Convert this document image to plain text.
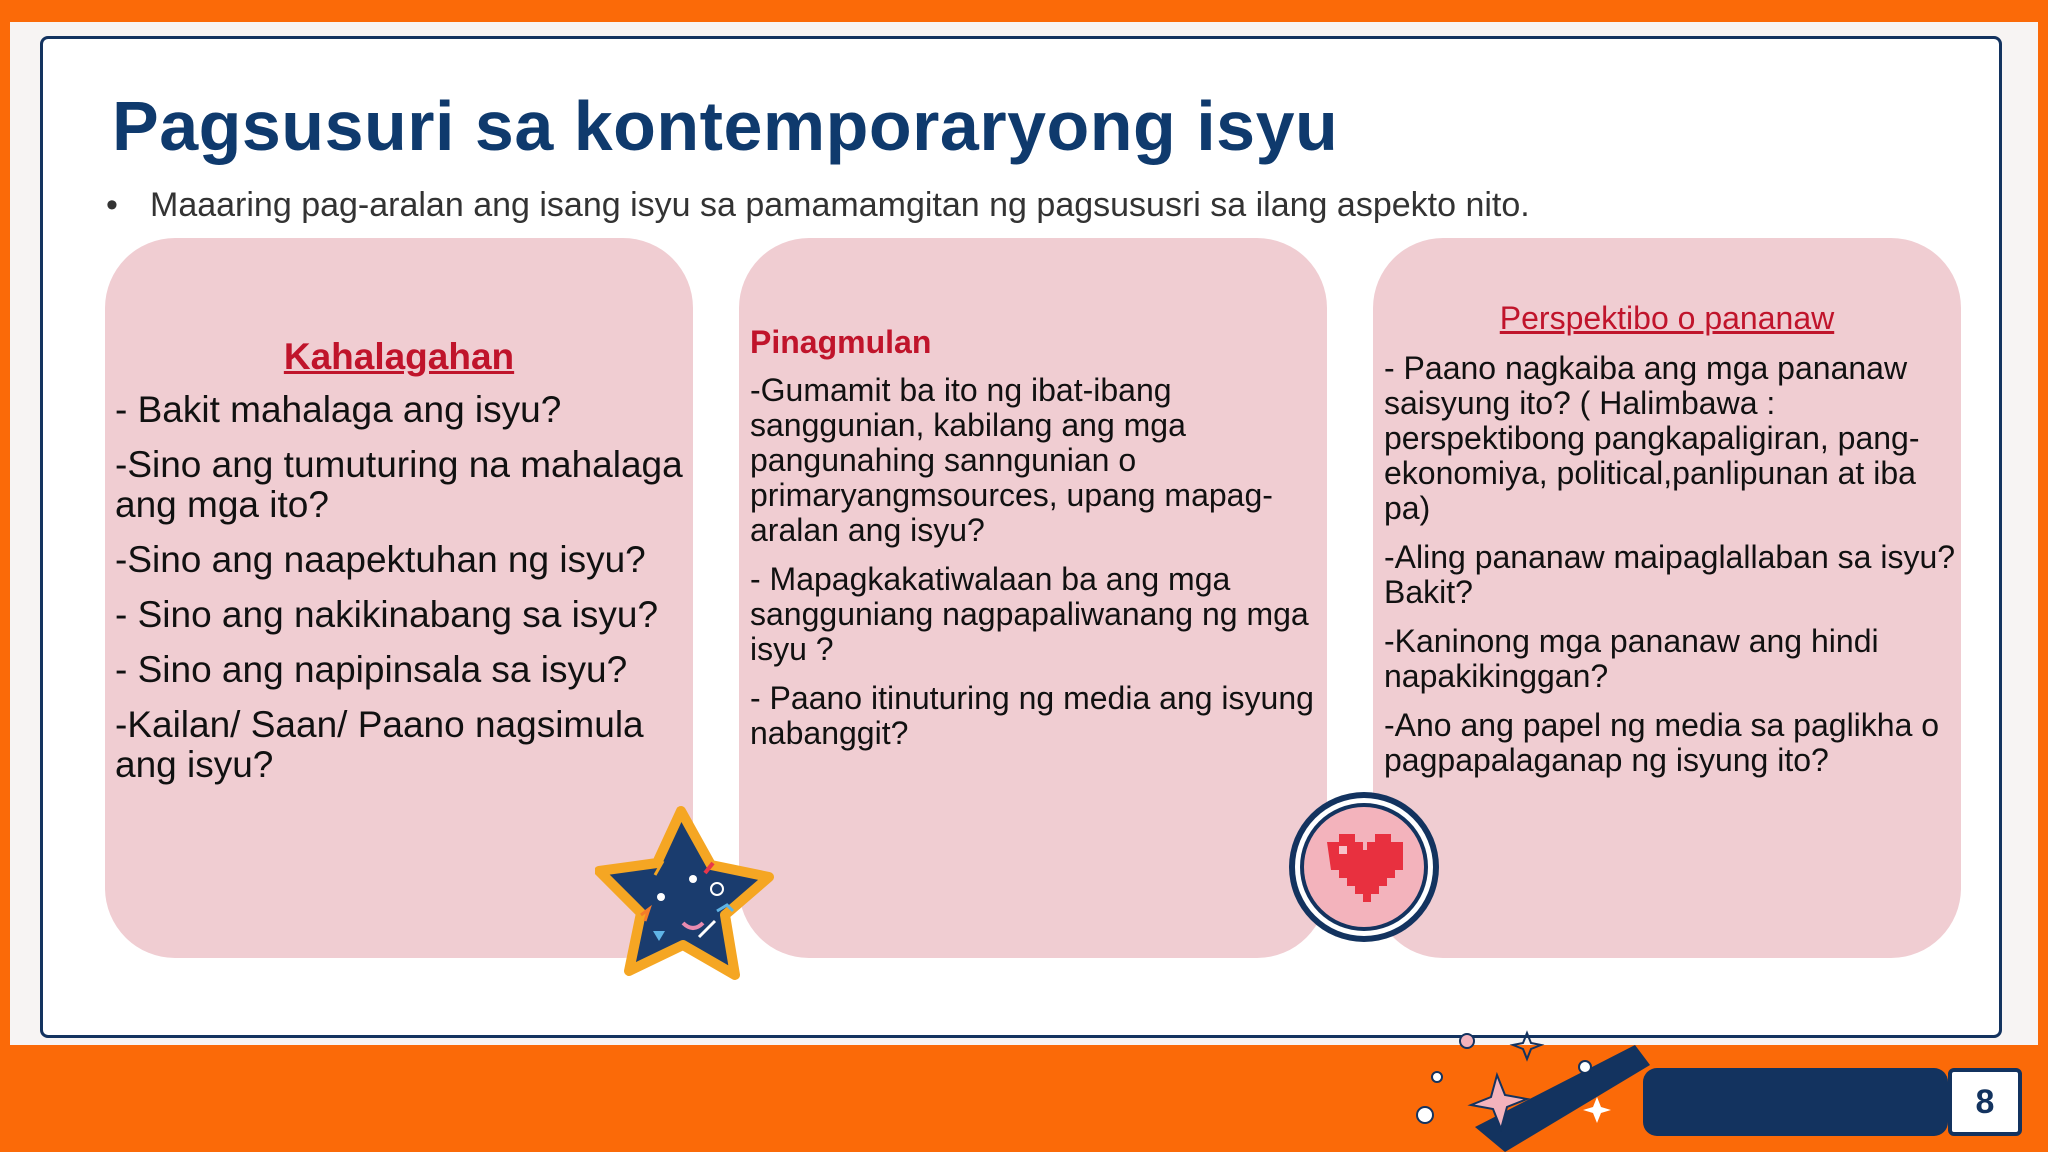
Pagsusuri sa kontemporaryong isyu
• Maaaring pag-aralan ang isang isyu sa pamamamgitan ng pagsususri sa ilang aspekto nito.
Kahalagahan
- Bakit mahalaga ang isyu?
-Sino ang tumuturing na mahalaga ang mga ito?
-Sino ang naapektuhan ng isyu?
- Sino ang nakikinabang sa isyu?
- Sino ang napipinsala sa isyu?
-Kailan/ Saan/ Paano nagsimula ang isyu?
Pinagmulan
-Gumamit ba ito ng ibat-ibang sanggunian, kabilang ang mga pangunahing sanngunian o primaryangmsources, upang mapag-aralan ang isyu?
- Mapagkakatiwalaan ba ang mga sangguniang nagpapaliwanang ng mga isyu ?
- Paano itinuturing ng media ang isyung nabanggit?
Perspektibo o pananaw
- Paano nagkaiba ang mga pananaw saisyung ito? ( Halimbawa : perspektibong pangkapaligiran, pang-ekonomiya, political,panlipunan at iba pa)
-Aling pananaw maipaglallaban sa isyu? Bakit?
-Kaninong mga pananaw ang hindi napakikinggan?
-Ano ang papel ng media sa paglikha o pagpapalaganap ng isyung ito?
8
